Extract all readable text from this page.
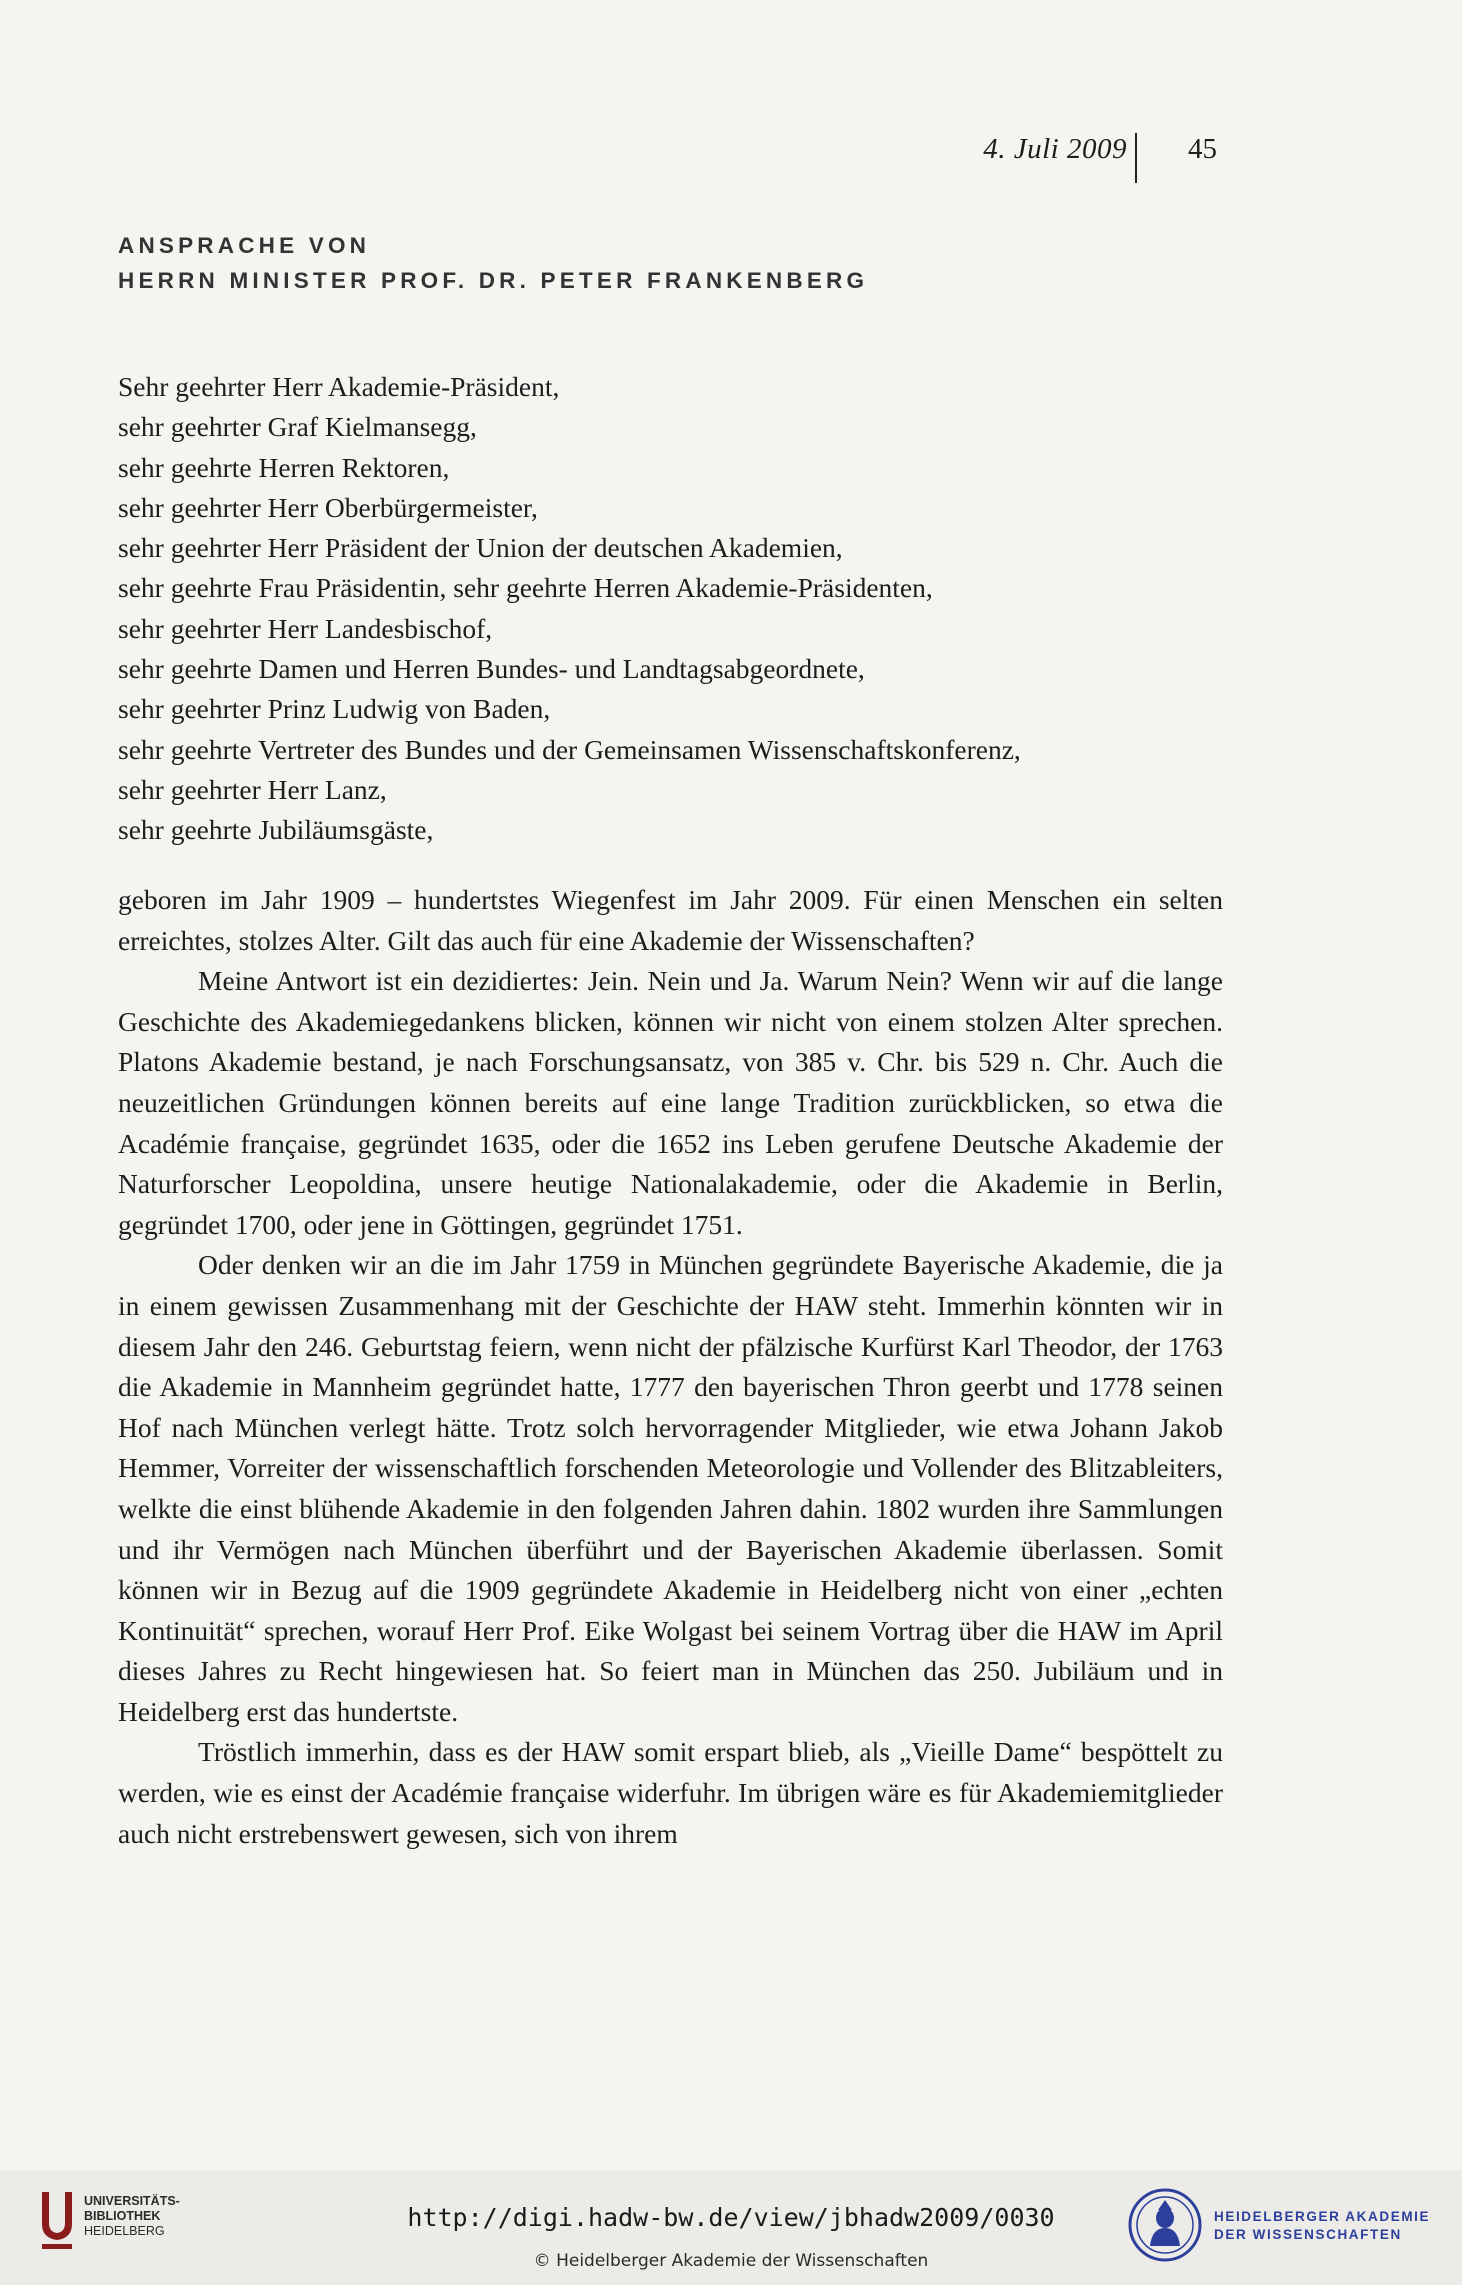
4. Juli 2009 45
ANSPRACHE VON
HERRN MINISTER PROF. DR. PETER FRANKENBERG
Sehr geehrter Herr Akademie-Präsident,
sehr geehrter Graf Kielmansegg,
sehr geehrte Herren Rektoren,
sehr geehrter Herr Oberbürgermeister,
sehr geehrter Herr Präsident der Union der deutschen Akademien,
sehr geehrte Frau Präsidentin, sehr geehrte Herren Akademie-Präsidenten,
sehr geehrter Herr Landesbischof,
sehr geehrte Damen und Herren Bundes- und Landtagsabgeordnete,
sehr geehrter Prinz Ludwig von Baden,
sehr geehrte Vertreter des Bundes und der Gemeinsamen Wissenschaftskonferenz,
sehr geehrter Herr Lanz,
sehr geehrte Jubiläumsgäste,

geboren im Jahr 1909 – hundertstes Wiegenfest im Jahr 2009. Für einen Menschen ein selten erreichtes, stolzes Alter. Gilt das auch für eine Akademie der Wissenschaften?

Meine Antwort ist ein dezidiertes: Jein. Nein und Ja. Warum Nein? Wenn wir auf die lange Geschichte des Akademiegedankens blicken, können wir nicht von einem stolzen Alter sprechen. Platons Akademie bestand, je nach Forschungsansatz, von 385 v. Chr. bis 529 n. Chr. Auch die neuzeitlichen Gründungen können bereits auf eine lange Tradition zurückblicken, so etwa die Académie française, gegründet 1635, oder die 1652 ins Leben gerufene Deutsche Akademie der Naturforscher Leopoldina, unsere heutige Nationalakademie, oder die Akademie in Berlin, gegründet 1700, oder jene in Göttingen, gegründet 1751.

Oder denken wir an die im Jahr 1759 in München gegründete Bayerische Akademie, die ja in einem gewissen Zusammenhang mit der Geschichte der HAW steht. Immerhin könnten wir in diesem Jahr den 246. Geburtstag feiern, wenn nicht der pfälzische Kurfürst Karl Theodor, der 1763 die Akademie in Mannheim gegründet hatte, 1777 den bayerischen Thron geerbt und 1778 seinen Hof nach München verlegt hätte. Trotz solch hervorragender Mitglieder, wie etwa Johann Jakob Hemmer, Vorreiter der wissenschaftlich forschenden Meteorologie und Vollender des Blitzableiters, welkte die einst blühende Akademie in den folgenden Jahren dahin. 1802 wurden ihre Sammlungen und ihr Vermögen nach München überführt und der Bayerischen Akademie überlassen. Somit können wir in Bezug auf die 1909 gegründete Akademie in Heidelberg nicht von einer „echten Kontinuität“ sprechen, worauf Herr Prof. Eike Wolgast bei seinem Vortrag über die HAW im April dieses Jahres zu Recht hingewiesen hat. So feiert man in München das 250. Jubiläum und in Heidelberg erst das hundertste.

Tröstlich immerhin, dass es der HAW somit erspart blieb, als „Vieille Dame“ bespöttelt zu werden, wie es einst der Académie française widerfuhr. Im übrigen wäre es für Akademiemitglieder auch nicht erstrebenswert gewesen, sich von ihrem

UNIVERSITÄTS-
BIBLIOTHEK
HEIDELBERG	http://digi.hadw-bw.de/view/jbhadw2009/0030
© Heidelberger Akademie der Wissenschaften
HEIDELBERGER AKADEMIE
DER WISSENSCHAFTEN
